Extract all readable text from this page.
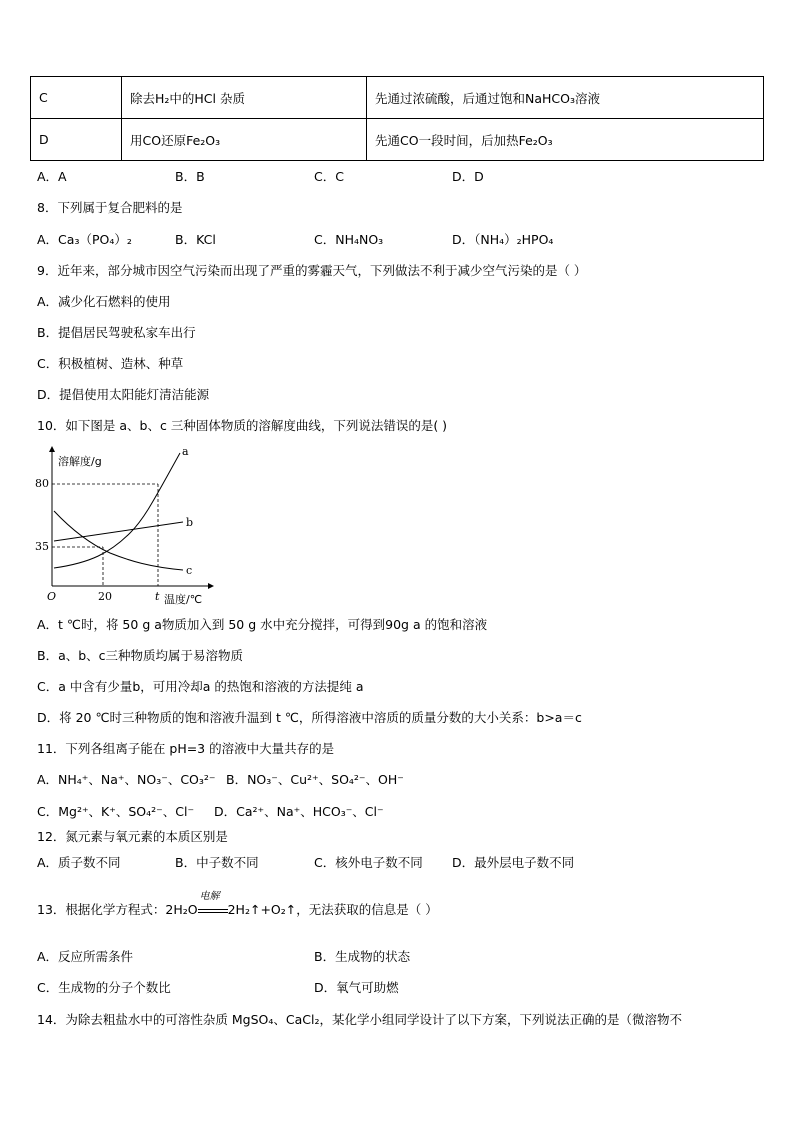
C	除去H₂中的HCl 杂质	先通过浓硫酸，后通过饱和NaHCO₃溶液
D	用CO还原Fe₂O₃	先通CO一段时间，后加热Fe₂O₃
A．A	B．B	C．C	D．D
8．下列属于复合肥料的是
A．Ca₃（PO₄）₂	B．KCl	C．NH₄NO₃	D．（NH₄）₂HPO₄
9．近年来，部分城市因空气污染而出现了严重的雾霾天气，下列做法不利于减少空气污染的是（ ）
A．减少化石燃料的使用
B．提倡居民驾驶私家车出行
C．积极植树、造林、种草
D．提倡使用太阳能灯清洁能源
10．如下图是 a、b、c 三种固体物质的溶解度曲线，下列说法错误的是( )
溶解度/g
温度/℃
O
80
35
20	t
a
b
c
A．t ℃时，将 50 g a物质加入到 50 g 水中充分搅拌，可得到90g a 的饱和溶液
B．a、b、c三种物质均属于易溶物质
C．a 中含有少量b，可用冷却a 的热饱和溶液的方法提纯 a
D．将 20 ℃时三种物质的饱和溶液升温到 t ℃，所得溶液中溶质的质量分数的大小关系：b>a＝c
11．下列各组离子能在 pH=3 的溶液中大量共存的是
A．NH₄⁺、Na⁺、NO₃⁻、CO₃²⁻ B．NO₃⁻、Cu²⁺、SO₄²⁻、OH⁻
C．Mg²⁺、K⁺、SO₄²⁻、Cl⁻ D．Ca²⁺、Na⁺、HCO₃⁻、Cl⁻
12．氮元素与氧元素的本质区别是
A．质子数不同	B．中子数不同	C．核外电子数不同 D．最外层电子数不同
13．根据化学方程式：2H₂O
电解
2H₂↑+O₂↑，无法获取的信息是（ ）
A．反应所需条件	B．生成物的状态
C．生成物的分子个数比	D．氧气可助燃
14．为除去粗盐水中的可溶性杂质 MgSO₄、CaCl₂，某化学小组同学设计了以下方案，下列说法正确的是（微溶物不
